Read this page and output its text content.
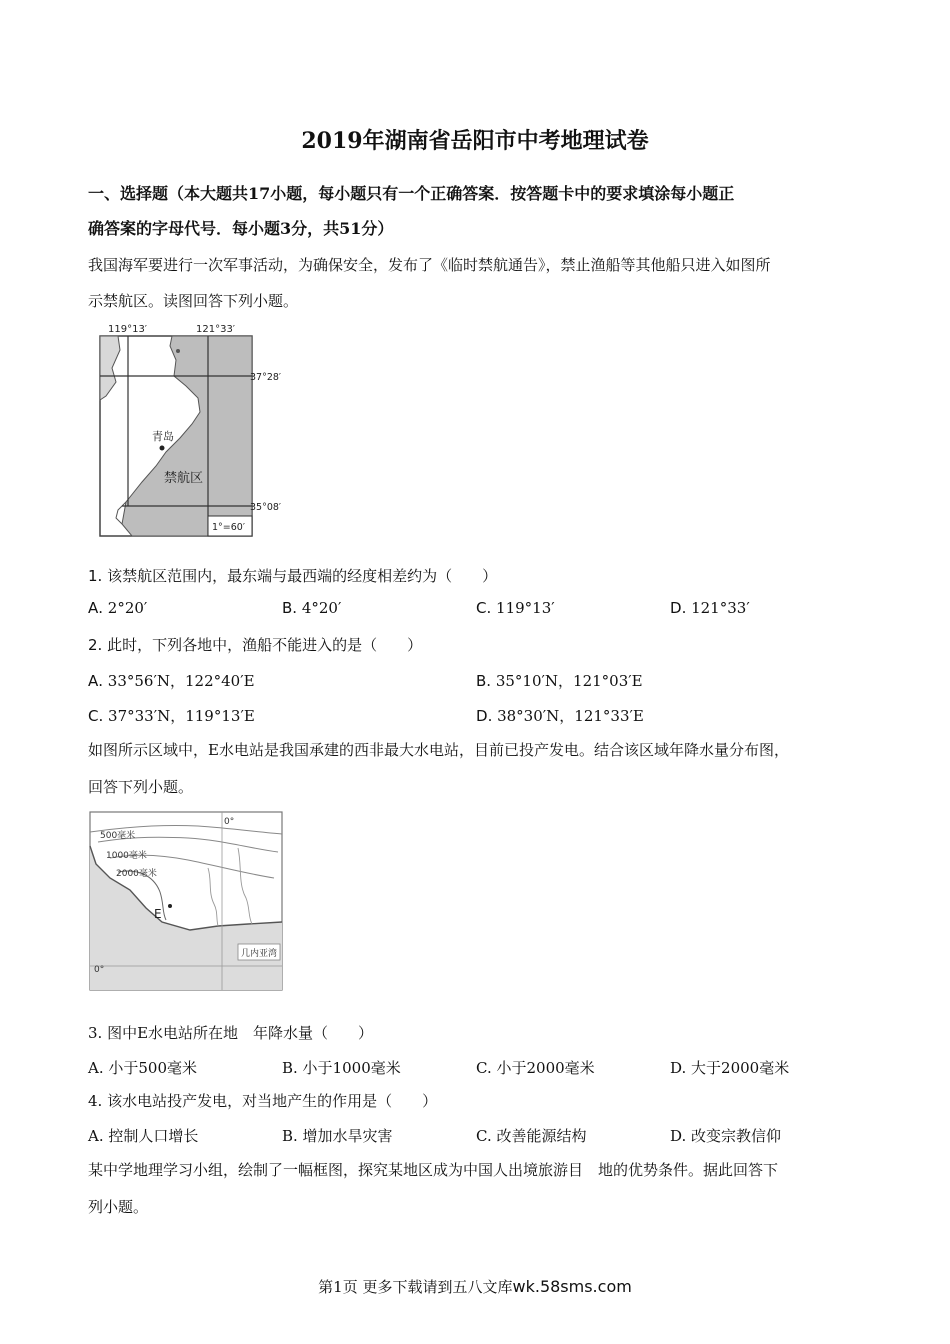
2019年湖南省岳阳市中考地理试卷
一、选择题（本大题共17小题，每小题只有一个正确答案．按答题卡中的要求填涂每小题正
确答案的字母代号．每小题3分，共51分）
我国海军要进行一次军事活动，为确保安全，发布了《临时禁航通告》，禁止渔船等其他船只进入如图所
示禁航区。读图回答下列小题。
119°13′	121°33′
37°28′
35°08′
青岛
禁航区
1°=60′
1. 该禁航区范围内，最东端与最西端的经度相差约为（　　）
A. 2°20′	B. 4°20′	C. 119°13′	D. 121°33′
2. 此时，下列各地中，渔船不能进入的是（　　）
A. 33°56′N，122°40′E	B. 35°10′N，121°03′E
C. 37°33′N，119°13′E	D. 38°30′N，121°33′E
如图所示区域中，E水电站是我国承建的西非最大水电站，目前已投产发电。结合该区域年降水量分布图，
回答下列小题。
500毫米
1000毫米
2000毫米
E
几内亚湾
0°
0°
3. 图中E水电站所在地　年降水量（　　）
A. 小于500毫米	B. 小于1000毫米	C. 小于2000毫米	D. 大于2000毫米
4. 该水电站投产发电，对当地产生的作用是（　　）
A. 控制人口增长	B. 增加水旱灾害	C. 改善能源结构	D. 改变宗教信仰
某中学地理学习小组，绘制了一幅框图，探究某地区成为中国人出境旅游目　地的优势条件。据此回答下
列小题。
第1页 更多下载请到五八文库wk.58sms.com
